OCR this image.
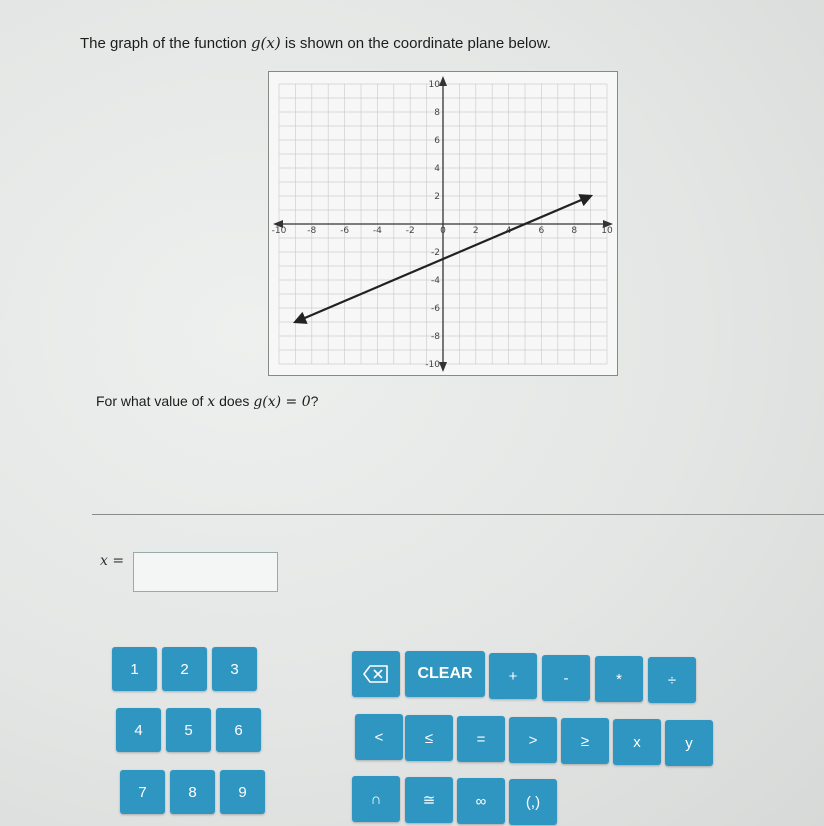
The graph of the function g(x) is shown on the coordinate plane below.
-10 -8	-6	-4	-2	0	2	6	8	10
10
8
6
4
2
-2
-4
-6
-8
-10
For what value of x does g(x) = 0?
x =
1	2	3
4	5	6
7	8	9
CLEAR	+	-	*	÷
<	≤	=	>	≥	x	y
∩	≅	∞	(,)
